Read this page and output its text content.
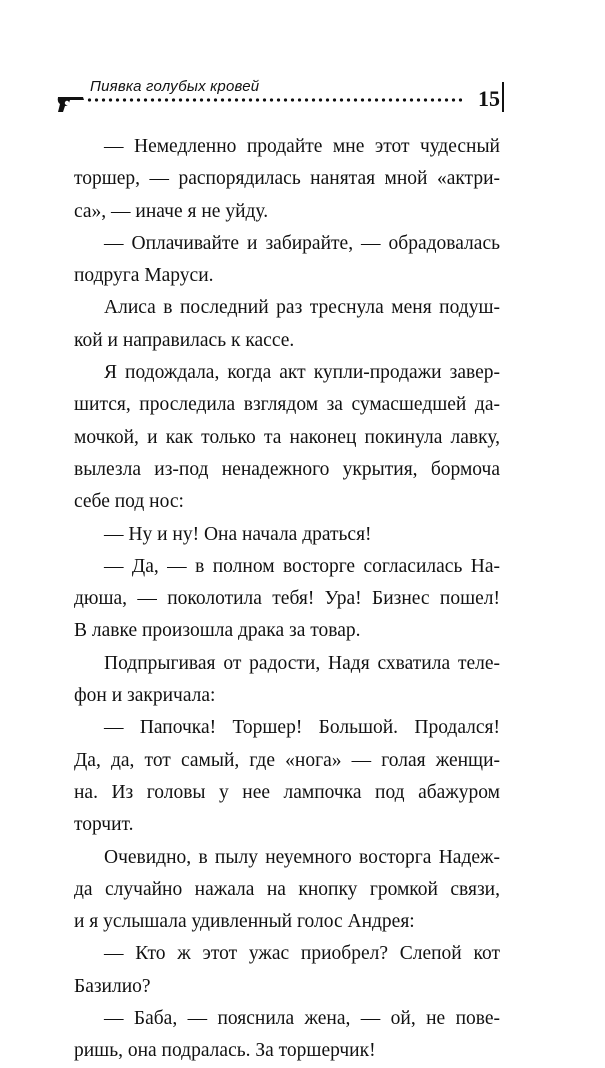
Пиявка голубых кровей	15
— Немедленно продайте мне этот чудесный
торшер, — распорядилась нанятая мной «актри-
са», — иначе я не уйду.
— Оплачивайте и забирайте, — обрадовалась
подруга Маруси.
Алиса в последний раз треснула меня подуш-
кой и направилась к кассе.
Я подождала, когда акт купли-продажи завер-
шится, проследила взглядом за сумасшедшей да-
мочкой, и как только та наконец покинула лавку,
вылезла из-под ненадежного укрытия, бормоча
себе под нос:
— Ну и ну! Она начала драться!
— Да, — в полном восторге согласилась На-
дюша, — поколотила тебя! Ура! Бизнес пошел!
В лавке произошла драка за товар.
Подпрыгивая от радости, Надя схватила теле-
фон и закричала:
— Папочка! Торшер! Большой. Продался!
Да, да, тот самый, где «нога» — голая женщи-
на. Из головы у нее лампочка под абажуром
торчит.
Очевидно, в пылу неуемного восторга Надеж-
да случайно нажала на кнопку громкой связи,
и я услышала удивленный голос Андрея:
— Кто ж этот ужас приобрел? Слепой кот
Базилио?
— Баба, — пояснила жена, — ой, не пове-
ришь, она подралась. За торшерчик!
